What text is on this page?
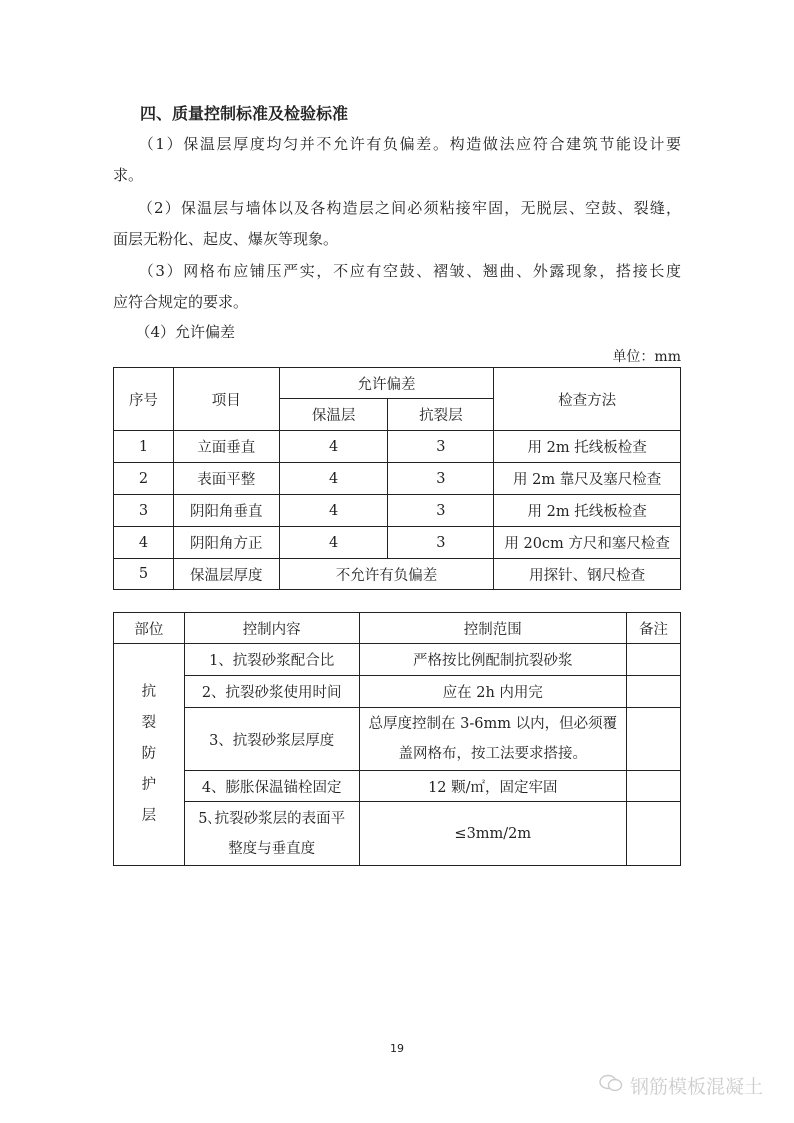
四、质量控制标准及检验标准
　　（1）保温层厚度均匀并不允许有负偏差。构造做法应符合建筑节能设计要
求。
　　（2）保温层与墙体以及各构造层之间必须粘接牢固，无脱层、空鼓、裂缝，
面层无粉化、起皮、爆灰等现象。
　　（3）网格布应铺压严实，不应有空鼓、褶皱、翘曲、外露现象，搭接长度
应符合规定的要求。
　　（4）允许偏差
单位：mm
序号	项目	允许偏差		检查方法
		保温层	抗裂层	
1	立面垂直	4	3	用 2m 托线板检查
2	表面平整	4	3	用 2m 靠尺及塞尺检查
3	阴阳角垂直	4	3	用 2m 托线板检查
4	阴阳角方正	4	3	用 20cm 方尺和塞尺检查
5	保温层厚度	不允许有负偏差		用探针、钢尺检查
部位	控制内容	控制范围	备注
抗
裂
防
护
层	1、抗裂砂浆配合比	严格按比例配制抗裂砂浆	
	2、抗裂砂浆使用时间	应在 2h 内用完	
	3、抗裂砂浆层厚度	总厚度控制在 3-6mm 以内，但必须覆盖网格布，按工法要求搭接。	
	4、膨胀保温锚栓固定	12 颗/㎡，固定牢固	
	5､抗裂砂浆层的表面平整度与垂直度	≤3mm/2m	
19
钢筋模板混凝土
